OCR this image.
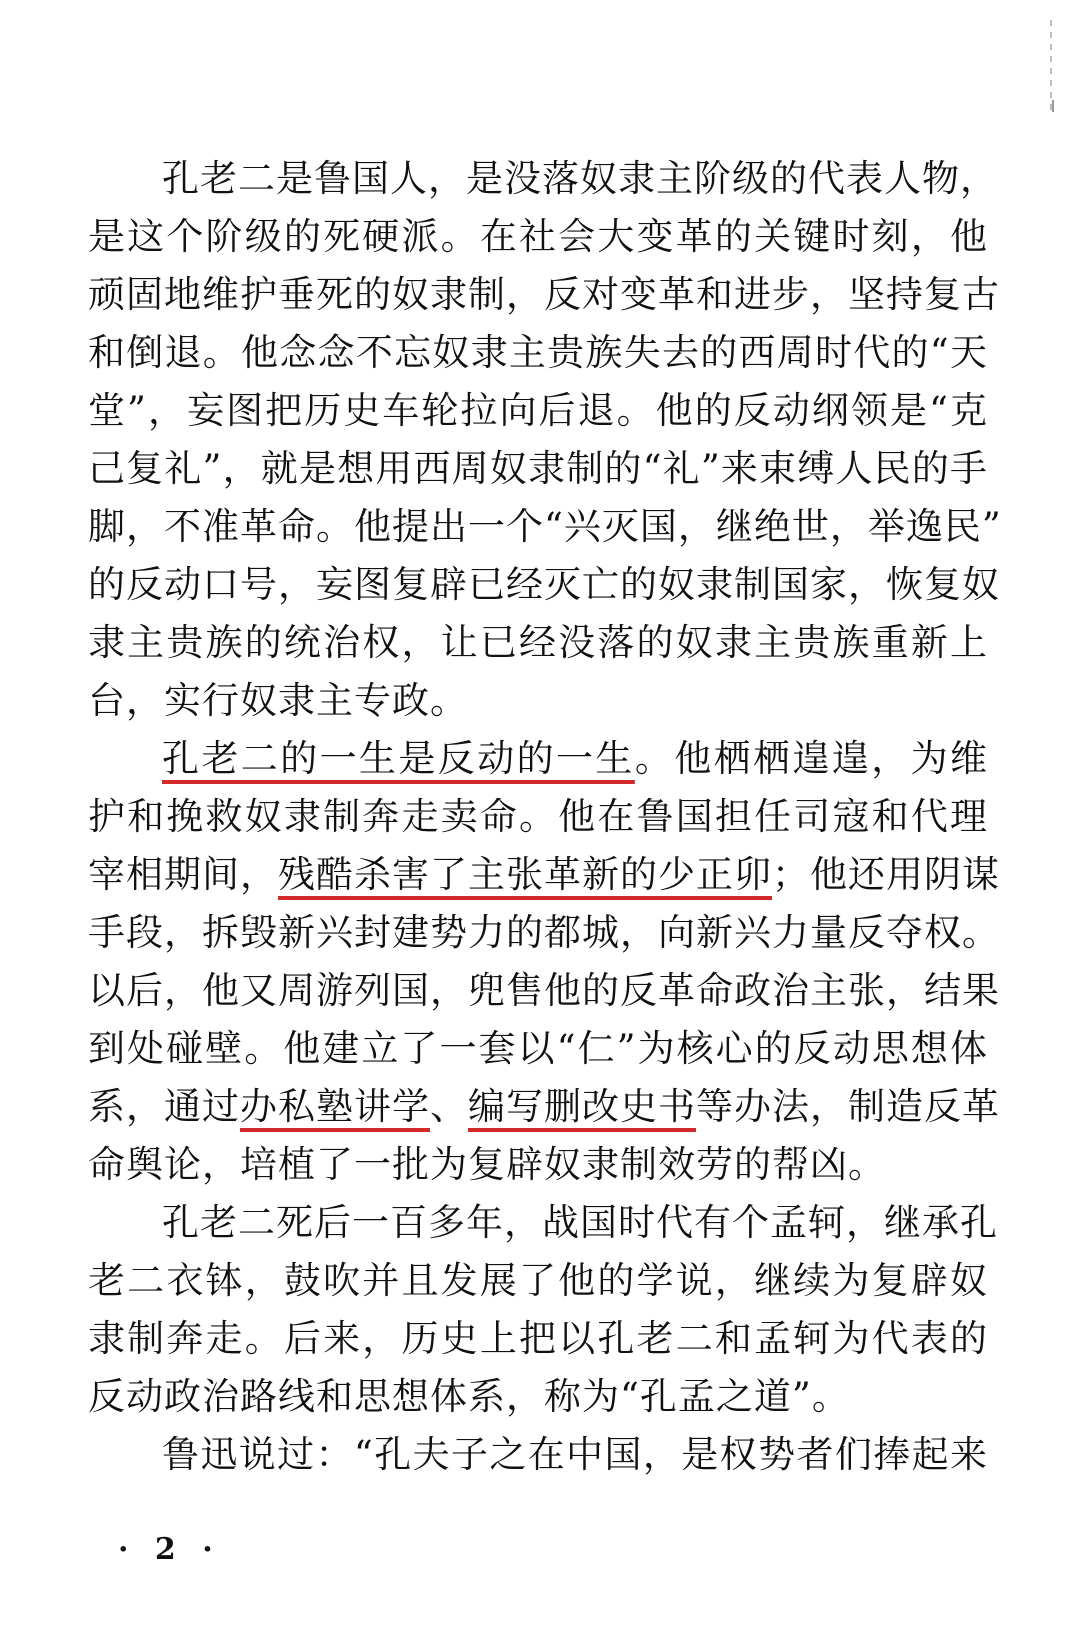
孔老二是鲁国人，是没落奴隶主阶级的代表人物，
是这个阶级的死硬派。在社会大变革的关键时刻，他
顽固地维护垂死的奴隶制，反对变革和进步，坚持复古
和倒退。他念念不忘奴隶主贵族失去的西周时代的“天
堂”，妄图把历史车轮拉向后退。他的反动纲领是“克
己复礼”，就是想用西周奴隶制的“礼”来束缚人民的手
脚，不准革命。他提出一个“兴灭国，继绝世，举逸民”
的反动口号，妄图复辟已经灭亡的奴隶制国家，恢复奴
隶主贵族的统治权，让已经没落的奴隶主贵族重新上
台，实行奴隶主专政。
孔老二的一生是反动的一生。他栖栖遑遑，为维
护和挽救奴隶制奔走卖命。他在鲁国担任司寇和代理
宰相期间，残酷杀害了主张革新的少正卯；他还用阴谋
手段，拆毁新兴封建势力的都城，向新兴力量反夺权。
以后，他又周游列国，兜售他的反革命政治主张，结果
到处碰壁。他建立了一套以“仁”为核心的反动思想体
系，通过办私塾讲学、编写删改史书等办法，制造反革
命舆论，培植了一批为复辟奴隶制效劳的帮凶。
孔老二死后一百多年，战国时代有个孟轲，继承孔
老二衣钵，鼓吹并且发展了他的学说，继续为复辟奴
隶制奔走。后来，历史上把以孔老二和孟轲为代表的
反动政治路线和思想体系，称为“孔孟之道”。
鲁迅说过：“孔夫子之在中国，是权势者们捧起来
· 2 ·
